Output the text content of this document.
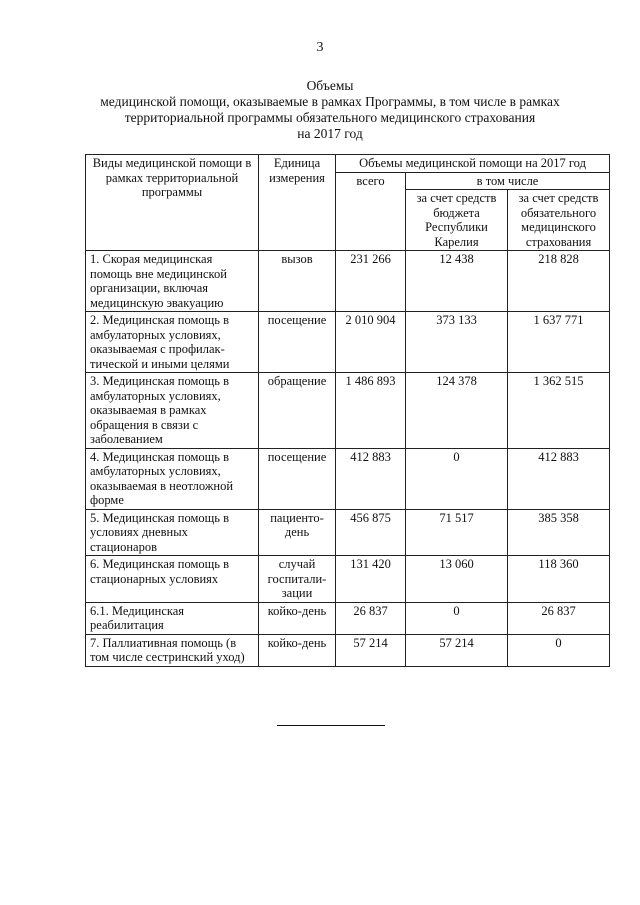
3
Объемы
медицинской помощи, оказываемые в рамках Программы, в том числе в рамках
территориальной программы обязательного медицинского страхования
на 2017 год
Виды медицинской помощи в рамках территориальной программы	Единица измерения	Объемы медицинской помощи на 2017 год		
		всего	в том числе	
			за счет средств бюджета Республики Карелия	за счет средств обязательного медицинского страхования
1. Скорая медицинская помощь вне медицинской организации, включая медицинскую эвакуацию	вызов	231 266	12 438	218 828
2. Медицинская помощь в амбулаторных условиях, оказываемая с профилак- тической и иными целями	посещение	2 010 904	373 133	1 637 771
3. Медицинская помощь в амбулаторных условиях, оказываемая в рамках обращения в связи с заболеванием	обращение	1 486 893	124 378	1 362 515
4. Медицинская помощь в амбулаторных условиях, оказываемая в неотложной форме	посещение	412 883	0	412 883
5. Медицинская помощь в условиях дневных стационаров	пациенто- день	456 875	71 517	385 358
6. Медицинская помощь в стационарных условиях	случай госпитали- зации	131 420	13 060	118 360
6.1. Медицинская реабилитация	койко-день	26 837	0	26 837
7. Паллиативная помощь (в том числе сестринский уход)	койко-день	57 214	57 214	0
